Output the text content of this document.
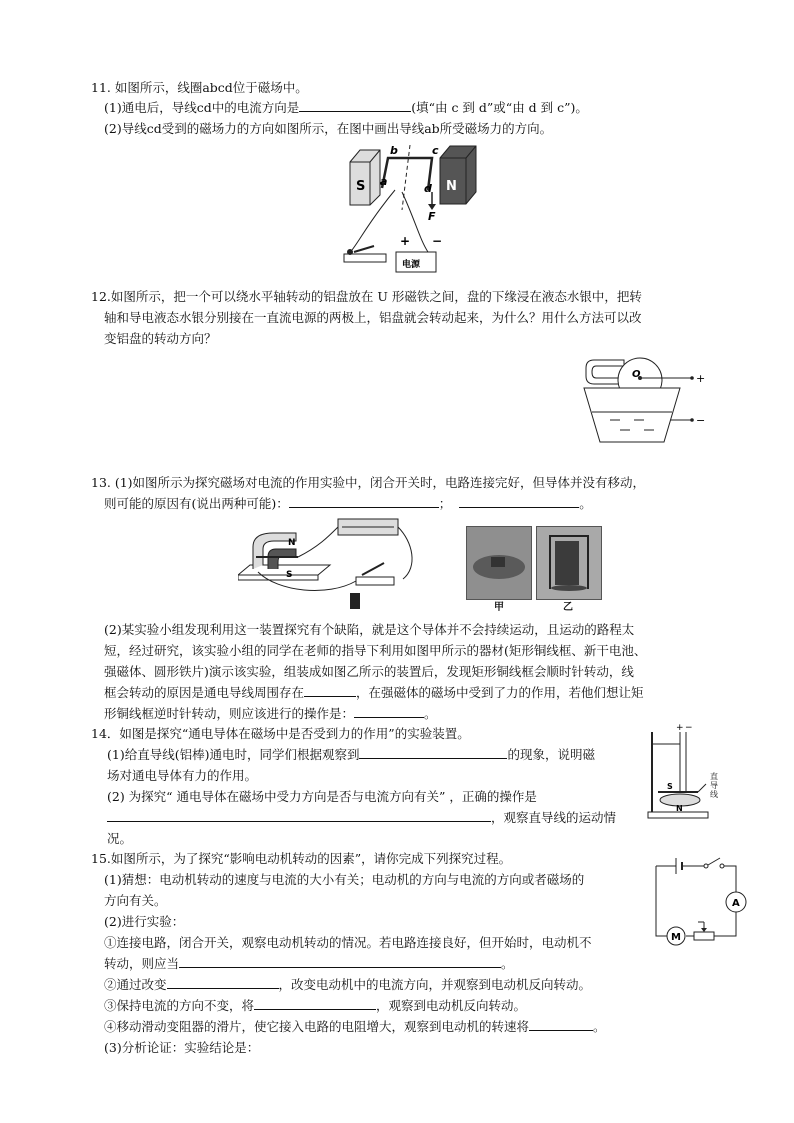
11. 如图所示，线圈abcd位于磁场中。
(1)通电后，导线cd中的电流方向是	(填“由 c 到 d”或“由 d 到 c”)。
(2)导线cd受到的磁场力的方向如图所示，在图中画出导线ab所受磁场力的方向。
S	N
a
b	c
d
F
+ −
电源
12.如图所示，把一个可以绕水平轴转动的铝盘放在 U 形磁铁之间，盘的下缘浸在液态水银中，把转
轴和导电液态水银分别接在一直流电源的两极上，铝盘就会转动起来，为什么？用什么方法可以改
变铝盘的转动方向？
O	+
−
13. (1)如图所示为探究磁场对电流的作用实验中，闭合开关时，电路连接完好，但导体并没有移动，
则可能的原因有(说出两种可能)：	；	。
N
S
甲	乙
(2)某实验小组发现利用这一装置探究有个缺陷，就是这个导体并不会持续运动，且运动的路程太
短，经过研究，该实验小组的同学在老师的指导下利用如图甲所示的器材(矩形铜线框、新干电池、
强磁体、圆形铁片)演示该实验，组装成如图乙所示的装置后，发现矩形铜线框会顺时针转动，线
框会转动的原因是通电导线周围存在	，在强磁体的磁场中受到了力的作用，若他们想让矩
形铜线框逆时针转动，则应该进行的操作是：	。
14．如图是探究“通电导体在磁场中是否受到力的作用”的实验装置。
(1)给直导线(铝棒)通电时，同学们根据观察到	的现象，说明磁
场对通电导体有力的作用。
(2) 为探究“ 通电导体在磁场中受力方向是否与电流方向有关” ，正确的操作是
，观察直导线的运动情
况。
+ −
S
N
直导线
15.如图所示，为了探究“影响电动机转动的因素”，请你完成下列探究过程。
(1)猜想：电动机转动的速度与电流的大小有关；电动机的方向与电流的方向或者磁场的
方向有关。
(2)进行实验：
①连接电路，闭合开关，观察电动机转动的情况。若电路连接良好，但开始时，电动机不
转动，则应当	。
②通过改变	，改变电动机中的电流方向，并观察到电动机反向转动。
③保持电流的方向不变，将	，观察到电动机反向转动。
④移动滑动变阻器的滑片，使它接入电路的电阻增大，观察到电动机的转速将	。
(3)分析论证：实验结论是：
A
M
